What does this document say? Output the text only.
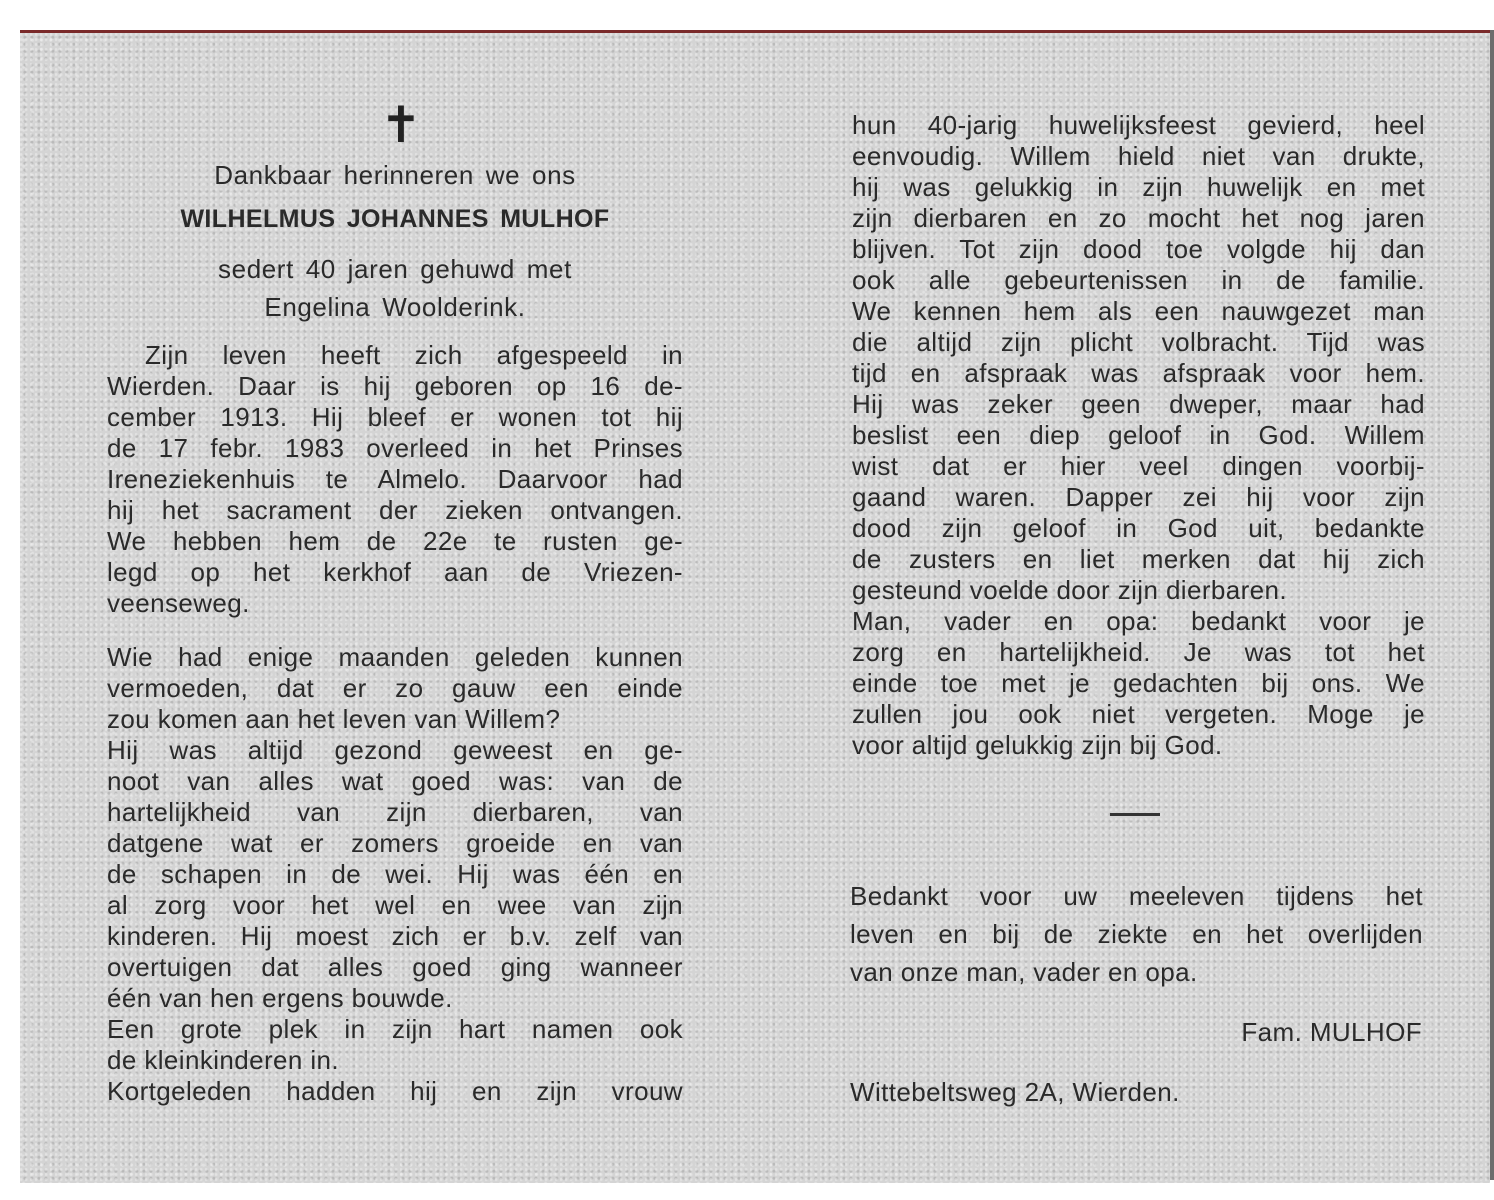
✝
Dankbaar herinneren we ons
WILHELMUS JOHANNES MULHOF
sedert 40 jaren gehuwd met
Engelina Woolderink.
Zijn leven heeft zich afgespeeld in
Wierden. Daar is hij geboren op 16 de-
cember 1913. Hij bleef er wonen tot hij
de 17 febr. 1983 overleed in het Prinses
Ireneziekenhuis te Almelo. Daarvoor had
hij het sacrament der zieken ontvangen.
We hebben hem de 22e te rusten ge-
legd op het kerkhof aan de Vriezen-
veenseweg.
Wie had enige maanden geleden kunnen
vermoeden, dat er zo gauw een einde
zou komen aan het leven van Willem?
Hij was altijd gezond geweest en ge-
noot van alles wat goed was: van de
hartelijkheid van zijn dierbaren, van
datgene wat er zomers groeide en van
de schapen in de wei. Hij was één en
al zorg voor het wel en wee van zijn
kinderen. Hij moest zich er b.v. zelf van
overtuigen dat alles goed ging wanneer
één van hen ergens bouwde.
Een grote plek in zijn hart namen ook
de kleinkinderen in.
Kortgeleden hadden hij en zijn vrouw
hun 40-jarig huwelijksfeest gevierd, heel
eenvoudig. Willem hield niet van drukte,
hij was gelukkig in zijn huwelijk en met
zijn dierbaren en zo mocht het nog jaren
blijven. Tot zijn dood toe volgde hij dan
ook alle gebeurtenissen in de familie.
We kennen hem als een nauwgezet man
die altijd zijn plicht volbracht. Tijd was
tijd en afspraak was afspraak voor hem.
Hij was zeker geen dweper, maar had
beslist een diep geloof in God. Willem
wist dat er hier veel dingen voorbij-
gaand waren. Dapper zei hij voor zijn
dood zijn geloof in God uit, bedankte
de zusters en liet merken dat hij zich
gesteund voelde door zijn dierbaren.
Man, vader en opa: bedankt voor je
zorg en hartelijkheid. Je was tot het
einde toe met je gedachten bij ons. We
zullen jou ook niet vergeten. Moge je
voor altijd gelukkig zijn bij God.
Bedankt voor uw meeleven tijdens het
leven en bij de ziekte en het overlijden
van onze man, vader en opa.
Fam. MULHOF
Wittebeltsweg 2A, Wierden.
